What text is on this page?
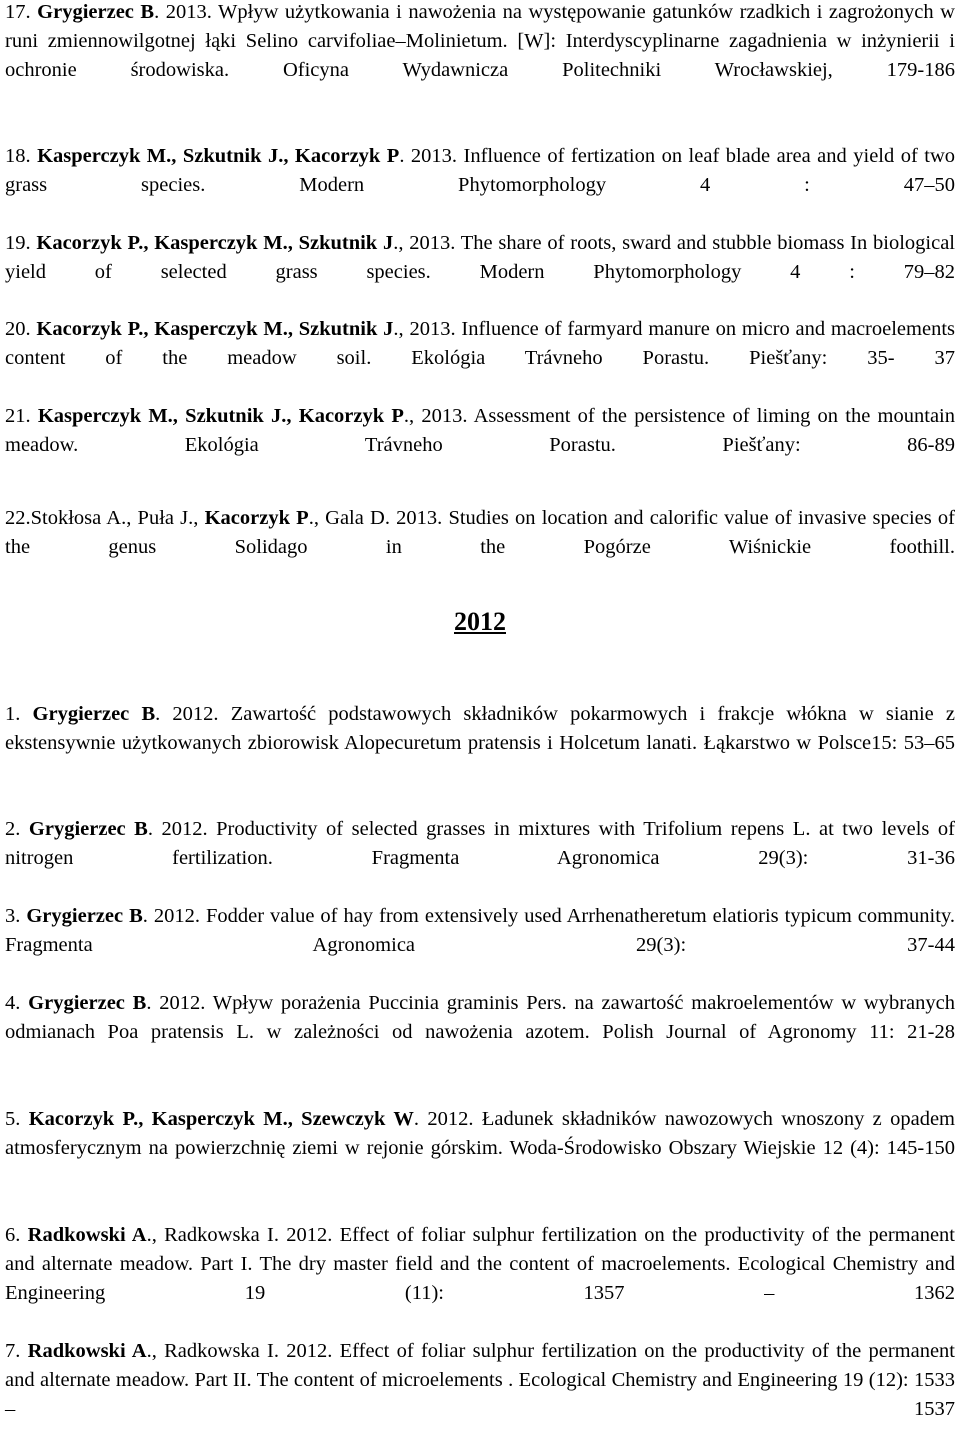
17. Grygierzec B. 2013. Wpływ użytkowania i nawożenia na występowanie gatunków rzadkich i zagrożonych w runi zmiennowilgotnej łąki Selino carvifoliae–Molinietum. [W]: Interdyscyplinarne zagadnienia w inżynierii i ochronie środowiska. Oficyna Wydawnicza Politechniki Wrocławskiej, 179-186

18. Kasperczyk M., Szkutnik J., Kacorzyk P. 2013. Influence of fertization on leaf blade area and yield of two grass species. Modern Phytomorphology 4 : 47–50

19. Kacorzyk P., Kasperczyk M., Szkutnik J., 2013. The share of roots, sward and stubble biomass In biological yield of selected grass species. Modern Phytomorphology 4 : 79–82

20. Kacorzyk P., Kasperczyk M., Szkutnik J., 2013. Influence of farmyard manure on micro and macroelements content of the meadow soil. Ekológia Trávneho Porastu. Piešťany: 35- 37

21. Kasperczyk M., Szkutnik J., Kacorzyk P., 2013. Assessment of the persistence of liming on the mountain meadow. Ekológia Trávneho Porastu. Piešťany: 86-89

22.Stokłosa A., Puła J., Kacorzyk P., Gala D. 2013. Studies on location and calorific value of invasive species of the genus Solidago in the Pogórze Wiśnickie foothill.

2012

1. Grygierzec B. 2012. Zawartość podstawowych składników pokarmowych i frakcje włókna w sianie z ekstensywnie użytkowanych zbiorowisk Alopecuretum pratensis i Holcetum lanati. Łąkarstwo w Polsce15: 53–65

2. Grygierzec B. 2012. Productivity of selected grasses in mixtures with Trifolium repens L. at two levels of nitrogen fertilization. Fragmenta Agronomica 29(3): 31-36

3. Grygierzec B. 2012. Fodder value of hay from extensively used Arrhenatheretum elatioris typicum community. Fragmenta Agronomica 29(3): 37-44

4. Grygierzec B. 2012. Wpływ porażenia Puccinia graminis Pers. na zawartość makroelementów w wybranych odmianach Poa pratensis L. w zależności od nawożenia azotem. Polish Journal of Agronomy 11: 21-28

5. Kacorzyk P., Kasperczyk M., Szewczyk W. 2012. Ładunek składników nawozowych wnoszony z opadem atmosferycznym na powierzchnię ziemi w rejonie górskim. Woda-Środowisko Obszary Wiejskie 12 (4): 145-150

6. Radkowski A., Radkowska I. 2012. Effect of foliar sulphur fertilization on the productivity of the permanent and alternate meadow. Part I. The dry master field and the content of macroelements. Ecological Chemistry and Engineering 19 (11): 1357 – 1362

7. Radkowski A., Radkowska I. 2012. Effect of foliar sulphur fertilization on the productivity of the permanent and alternate meadow. Part II. The content of microelements . Ecological Chemistry and Engineering 19 (12): 1533 – 1537
